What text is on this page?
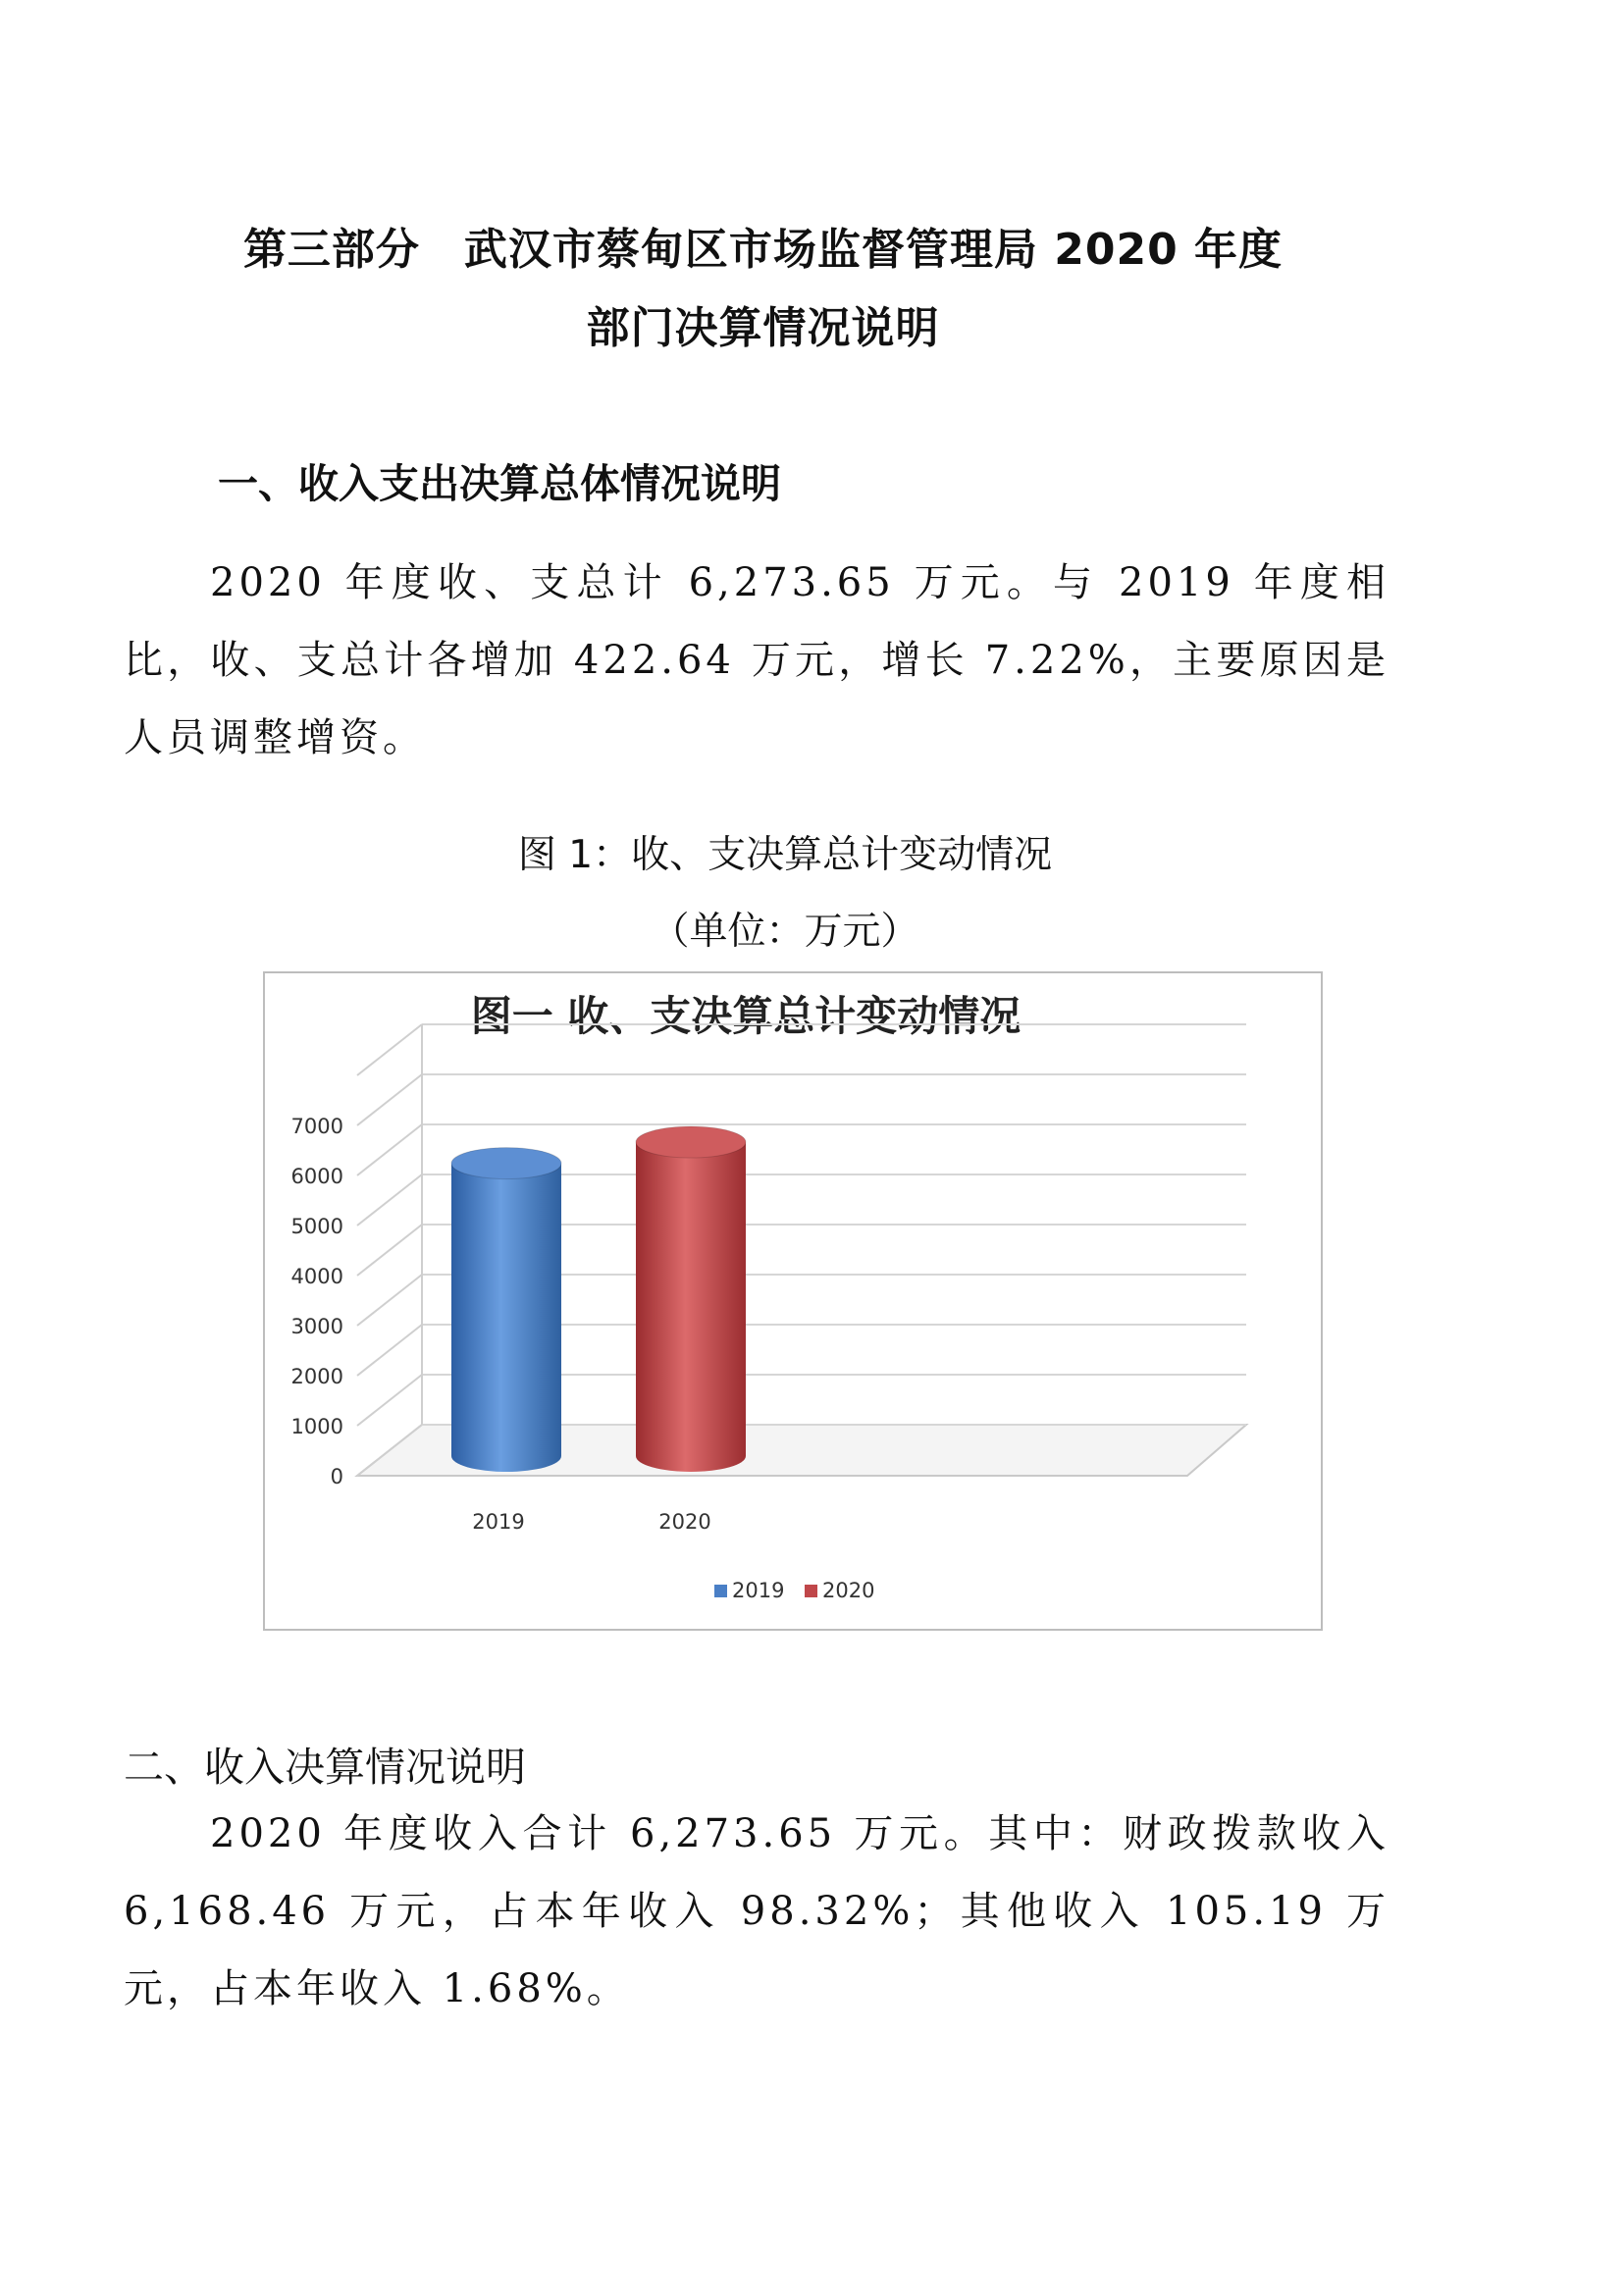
第三部分　武汉市蔡甸区市场监督管理局 2020 年度
部门决算情况说明
一、收入支出决算总体情况说明

2020 年度收、支总计 6,273.65 万元。与 2019 年度相比，收、支总计各增加 422.64 万元，增长 7.22%，主要原因是人员调整增资。

图 1：收、支决算总计变动情况
（单位：万元）
图一 收、支决算总计变动情况
0
1000
2000
3000
4000
5000
6000
7000
2019	2020
2019 2020
二、收入决算情况说明

2020 年度收入合计 6,273.65 万元。其中：财政拨款收入 6,168.46 万元，占本年收入 98.32%；其他收入 105.19 万元，占本年收入 1.68%。
